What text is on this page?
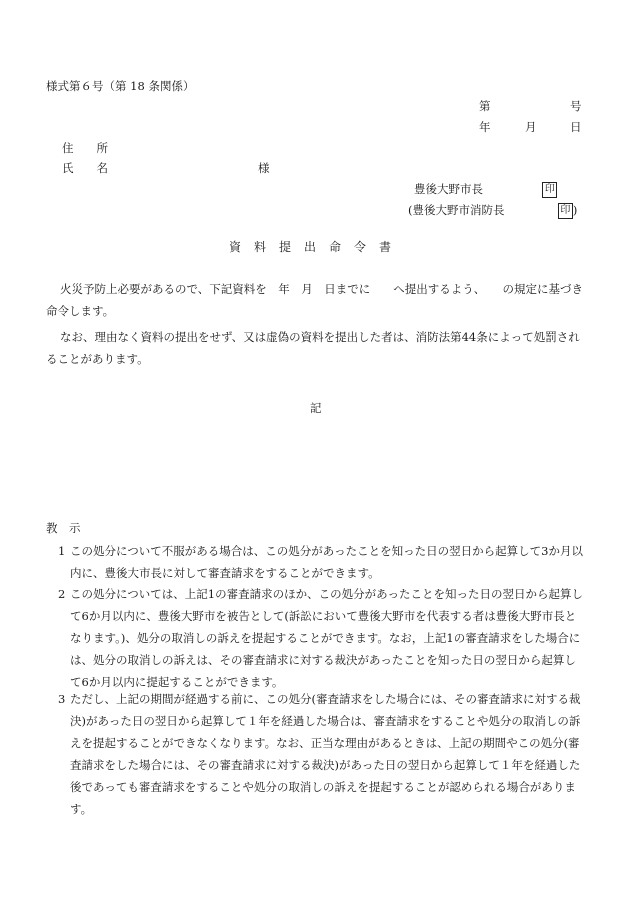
様式第６号（第 18 条関係）
第	号
年	月	日
住　　所
氏　　名	様
豊後大野市長	印
(豊後大野市消防長	印 )
資料提出命令書
火災予防上必要があるので、下記資料を　年　月　日までに　　へ提出するよう、　　の規定に基づき命令します。
なお、理由なく資料の提出をせず、又は虚偽の資料を提出した者は、消防法第44条によって処罰されることがあります。
記
教　示
1 この処分について不服がある場合は、この処分があったことを知った日の翌日から起算して3か月以内に、豊後大市長に対して審査請求をすることができます。
2 この処分については、上記1の審査請求のほか、この処分があったことを知った日の翌日から起算して6か月以内に、豊後大野市を被告として(訴訟において豊後大野市を代表する者は豊後大野市長となります。)、処分の取消しの訴えを提起することができます。なお，上記1の審査請求をした場合には、処分の取消しの訴えは、その審査請求に対する裁決があったことを知った日の翌日から起算して6か月以内に提起することができます。
3 ただし、上記の期間が経過する前に、この処分(審査請求をした場合には、その審査請求に対する裁決)があった日の翌日から起算して１年を経過した場合は、審査請求をすることや処分の取消しの訴えを提起することができなくなります。なお、正当な理由があるときは、上記の期間やこの処分(審査請求をした場合には、その審査請求に対する裁決)があった日の翌日から起算して１年を経過した後であっても審査請求をすることや処分の取消しの訴えを提起することが認められる場合があります。
